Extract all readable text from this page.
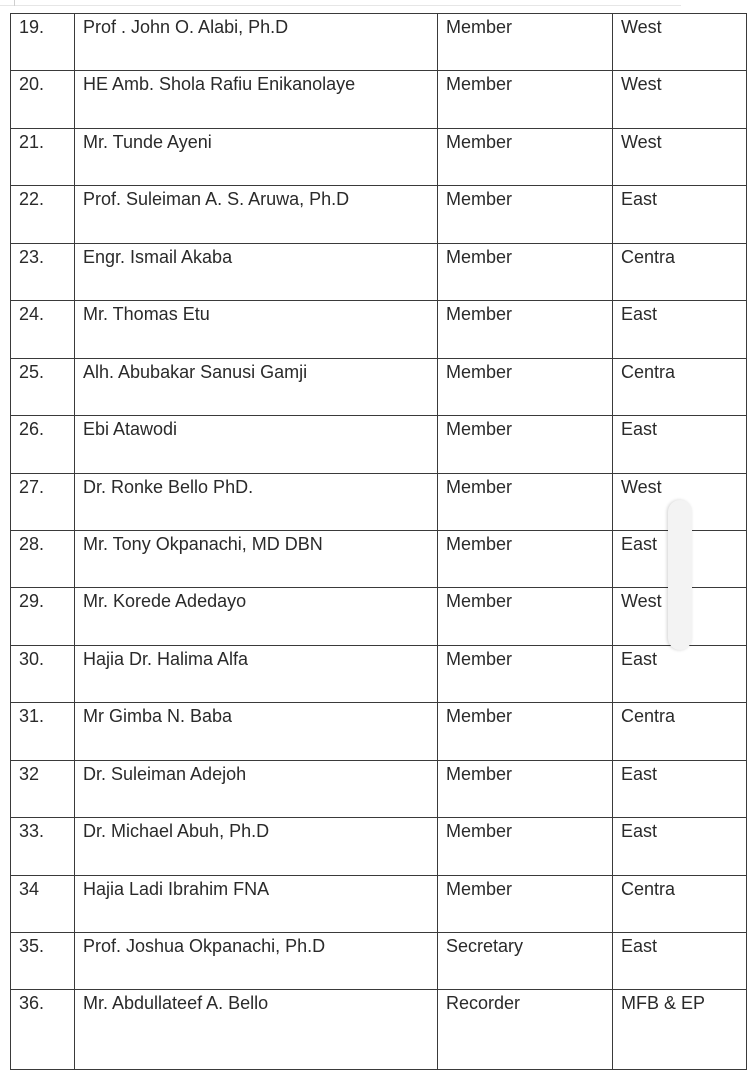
19.	Prof . John O. Alabi, Ph.D	Member	West
20.	HE Amb. Shola Rafiu Enikanolaye	Member	West
21.	Mr. Tunde Ayeni	Member	West
22.	Prof. Suleiman A. S. Aruwa, Ph.D	Member	East
23.	Engr. Ismail Akaba	Member	Centra
24.	Mr. Thomas Etu	Member	East
25.	Alh. Abubakar Sanusi Gamji	Member	Centra
26.	Ebi Atawodi	Member	East
27.	Dr. Ronke Bello PhD.	Member	West
28.	Mr. Tony Okpanachi, MD DBN	Member	East
29.	Mr. Korede Adedayo	Member	West
30.	Hajia Dr. Halima Alfa	Member	East
31.	Mr Gimba N. Baba	Member	Centra
32	Dr. Suleiman Adejoh	Member	East
33.	Dr. Michael Abuh, Ph.D	Member	East
34	Hajia Ladi Ibrahim FNA	Member	Centra
35.	Prof. Joshua Okpanachi, Ph.D	Secretary	East
36.	Mr. Abdullateef A. Bello	Recorder	MFB & EP
